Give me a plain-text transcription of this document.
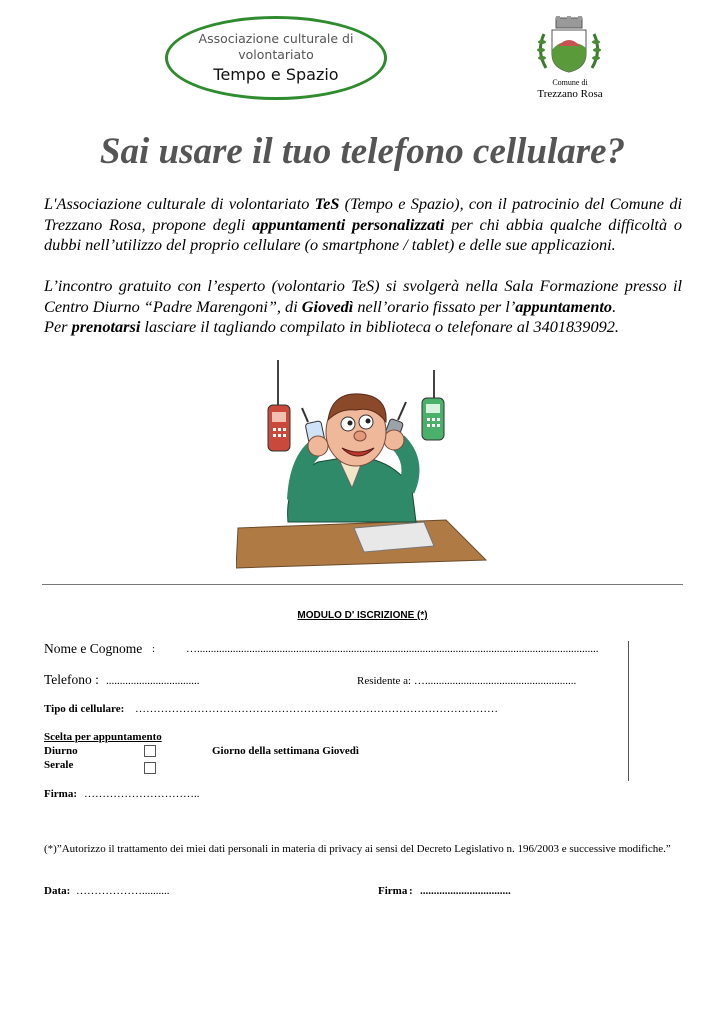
Associazione culturale di
volontariato
Tempo e Spazio	Comune di
Trezzano Rosa
Sai usare il tuo telefono cellulare?
L'Associazione culturale di volontariato TeS (Tempo e Spazio), con il patrocinio del Comune di Trezzano Rosa, propone degli appuntamenti personalizzati per chi abbia qualche difficoltà o dubbi nell’utilizzo del proprio cellulare (o smartphone / tablet) e delle sue applicazioni.
L’incontro gratuito con l’esperto (volontario TeS) si svolgerà nella Sala Formazione presso il Centro Diurno “Padre Marengoni”, di Giovedì nell’orario fissato per l’appuntamento.
Per prenotarsi lasciare il tagliando compilato in biblioteca o telefonare al 3401839092.
MODULO D' ISCRIZIONE (*)
Nome e Cognome :	…..................................................................................................................................................
Telefono : ..................................	Residente a: … .......................................................
Tipo di cellulare: ………………………………………………………………………………………
Scelta per appuntamento
Diurno	Giorno della settimana Giovedì
Serale
Firma: …………………………..
(*)”Autorizzo il trattamento dei miei dati personali in materia di privacy ai sensi del Decreto Legislativo n. 196/2003 e successive modifiche.”
Data: ………………..........	Firma : .................................
